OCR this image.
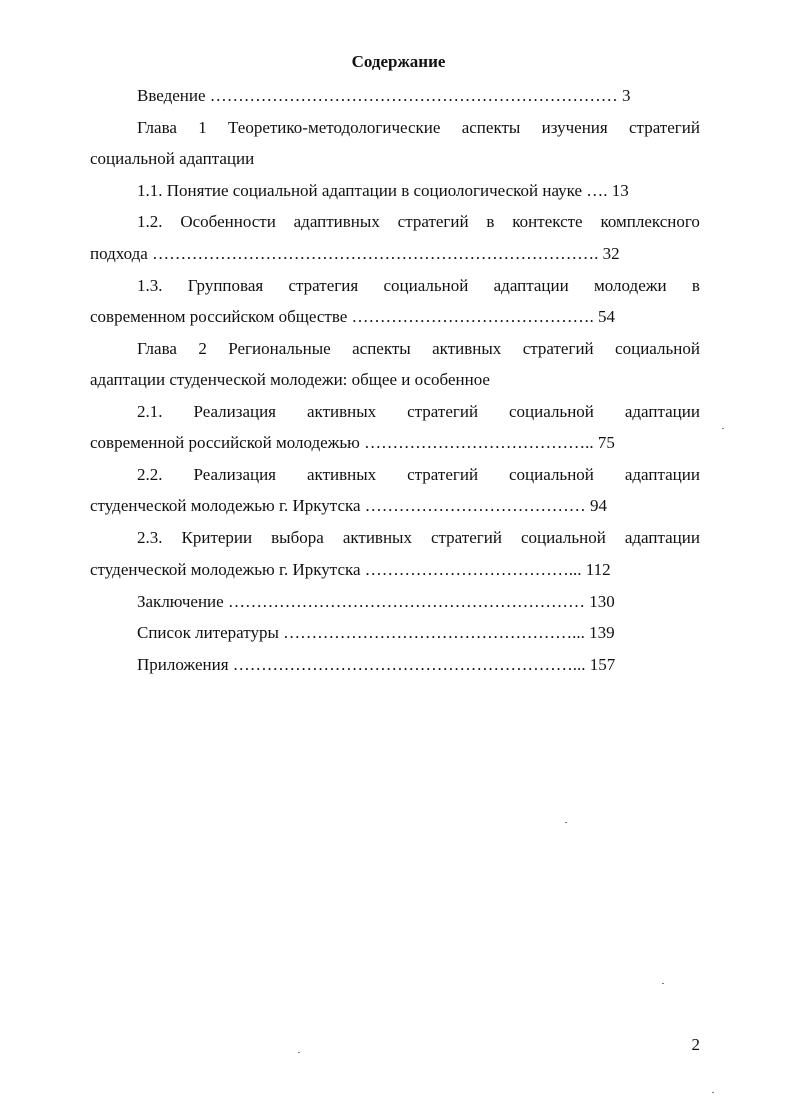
Содержание
Введение ……………………………………………………………… 3
Глава 1 Теоретико-методологические аспекты изучения стратегий
социальной адаптации
1.1. Понятие социальной адаптации в социологической науке …. 13
1.2. Особенности адаптивных стратегий в контексте комплексного
подхода ……………………………………………………………………. 32
1.3. Групповая стратегия социальной адаптации молодежи в
современном российском обществе ……………………………………. 54
Глава 2 Региональные аспекты активных стратегий социальной
адаптации студенческой молодежи: общее и особенное
2.1. Реализация активных стратегий социальной адаптации
современной российской молодежью ………………………………….. 75
2.2. Реализация активных стратегий социальной адаптации
студенческой молодежью г. Иркутска ………………………………… 94
2.3. Критерии выбора активных стратегий социальной адаптации
студенческой молодежью г. Иркутска ………………………………... 112
Заключение ……………………………………………………… 130
Список литературы ……………………………………………... 139
Приложения ……………………………………………………... 157
2
